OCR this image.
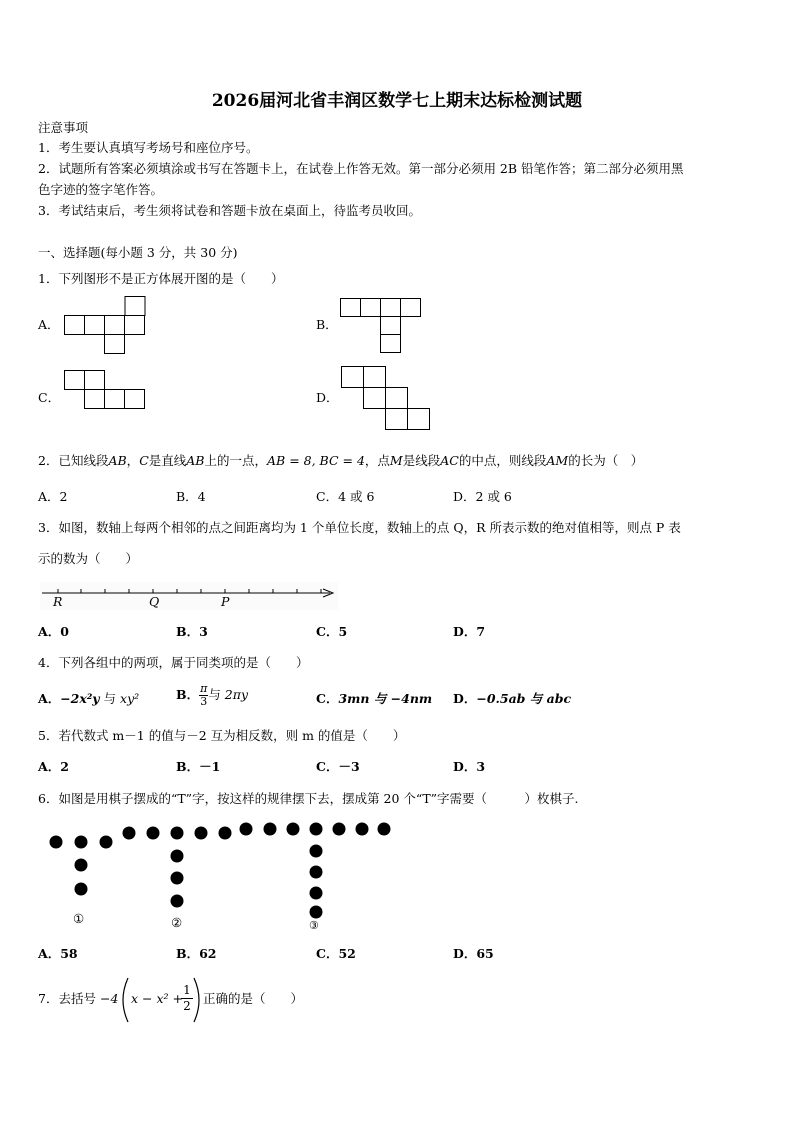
2026届河北省丰润区数学七上期末达标检测试题
注意事项
1．考生要认真填写考场号和座位序号。
2．试题所有答案必须填涂或书写在答题卡上，在试卷上作答无效。第一部分必须用 2B 铅笔作答；第二部分必须用黑
色字迹的签字笔作答。
3．考试结束后，考生须将试卷和答题卡放在桌面上，待监考员收回。
一、选择题(每小题 3 分，共 30 分)
1．下列图形不是正方体展开图的是（　　）
A．	B．
C．	D．
2．已知线段AB，C是直线AB上的一点，AB = 8, BC = 4，点M是线段AC的中点，则线段AM的长为（　）
A．2	B．4	C．4 或 6	D．2 或 6
3．如图，数轴上每两个相邻的点之间距离均为 1 个单位长度，数轴上的点 Q，R 所表示数的绝对值相等，则点 P 表
示的数为（　　）
R	Q	P
A．0	B．3	C．5	D．7
4．下列各组中的两项，属于同类项的是（　　）
A．−2x²y 与 xy²	B． $\frac{\pi}{3}$ 与 2πy	C．3mn 与 −4nm D．−0.5ab 与 abc
5．若代数式 m－1 的值与－2 互为相反数，则 m 的值是（　　）
A．2	B．－1	C．－3	D．3
6．如图是用棋子摆成的“T”字，按这样的规律摆下去，摆成第 20 个“T”字需要（　　　）枚棋子.
①	②	③
A．58	B．62	C．52	D．65
7．去括号 −4 x − x² +
$\frac{1}{2}$ 正确的是（　　）
